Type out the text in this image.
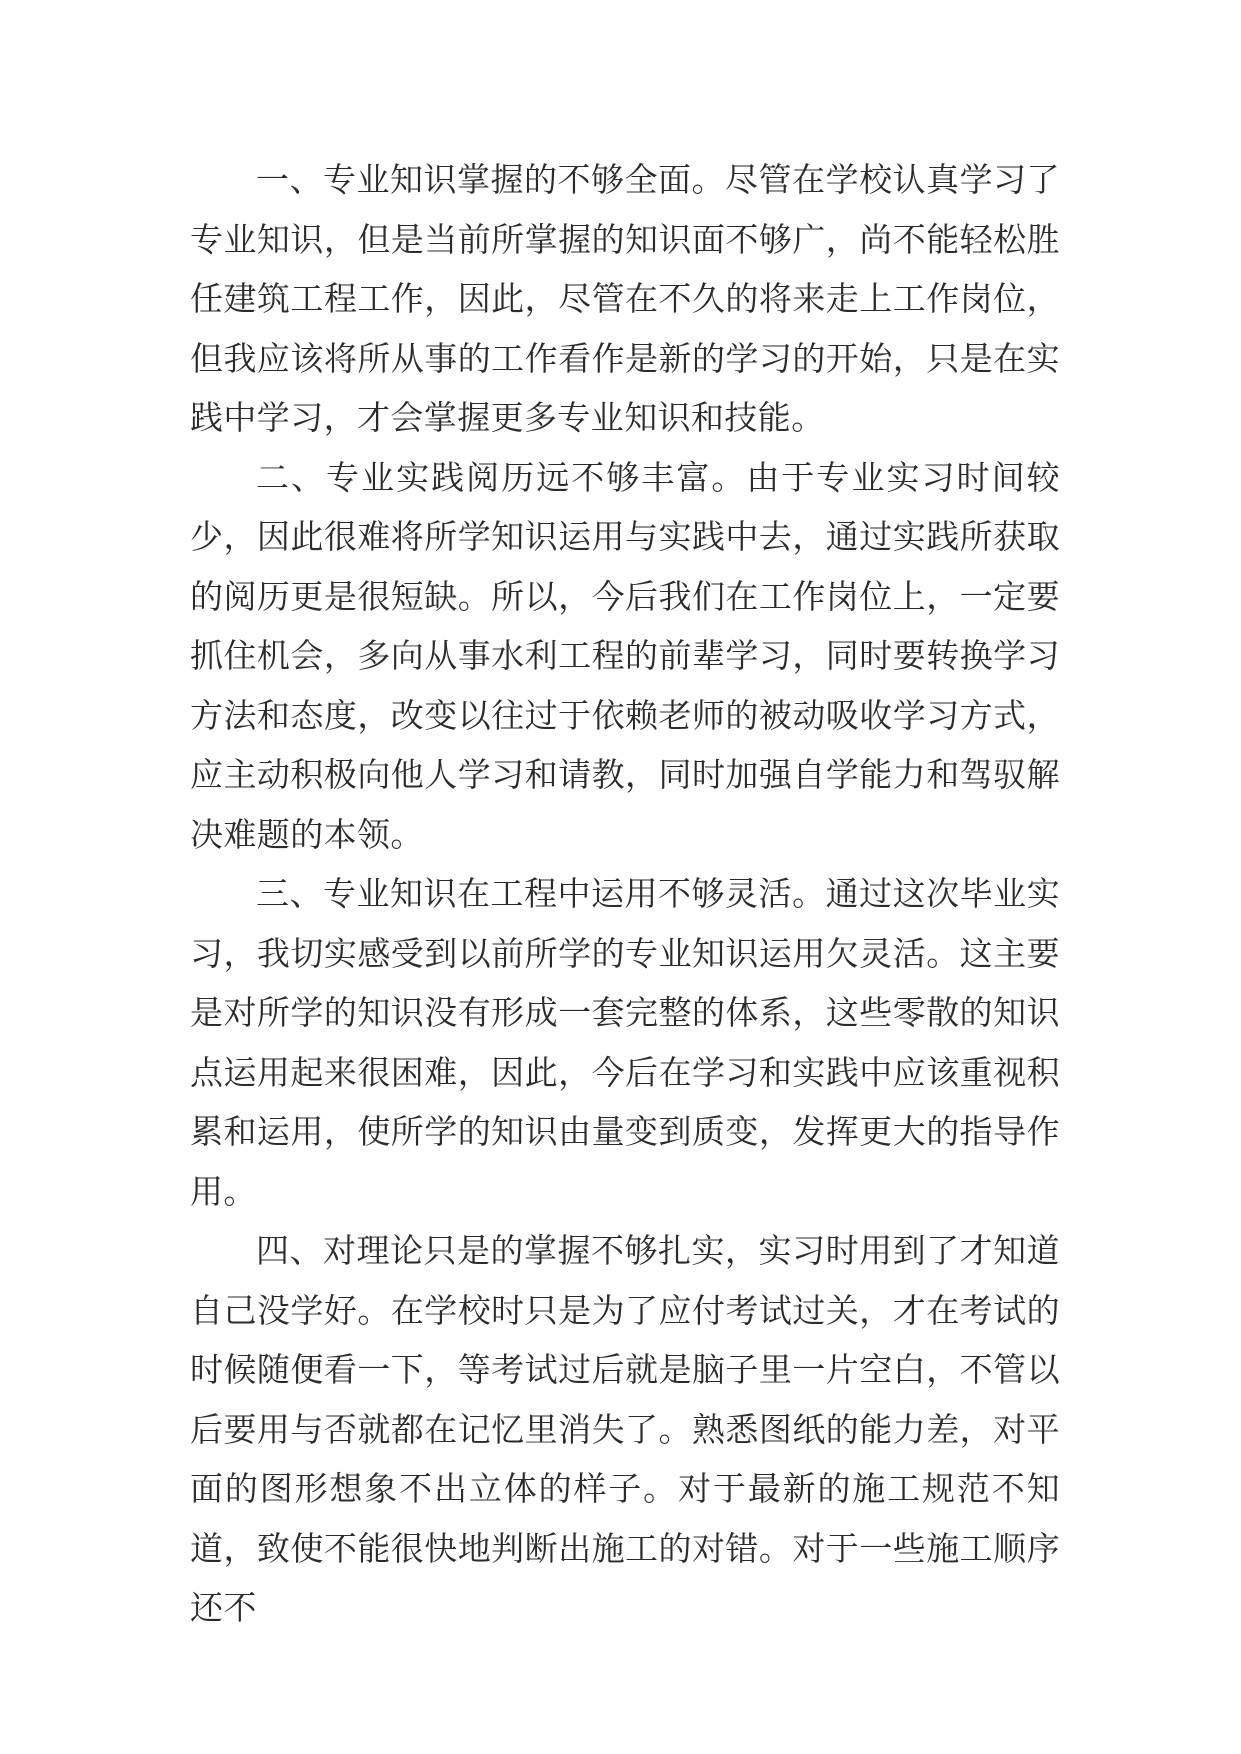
一、专业知识掌握的不够全面。尽管在学校认真学习了专业知识，但是当前所掌握的知识面不够广，尚不能轻松胜任建筑工程工作，因此，尽管在不久的将来走上工作岗位，但我应该将所从事的工作看作是新的学习的开始，只是在实践中学习，才会掌握更多专业知识和技能。

二、专业实践阅历远不够丰富。由于专业实习时间较少，因此很难将所学知识运用与实践中去，通过实践所获取的阅历更是很短缺。所以，今后我们在工作岗位上，一定要抓住机会，多向从事水利工程的前辈学习，同时要转换学习方法和态度，改变以往过于依赖老师的被动吸收学习方式，应主动积极向他人学习和请教，同时加强自学能力和驾驭解决难题的本领。

三、专业知识在工程中运用不够灵活。通过这次毕业实习，我切实感受到以前所学的专业知识运用欠灵活。这主要是对所学的知识没有形成一套完整的体系，这些零散的知识点运用起来很困难，因此，今后在学习和实践中应该重视积累和运用，使所学的知识由量变到质变，发挥更大的指导作用。

四、对理论只是的掌握不够扎实，实习时用到了才知道自己没学好。在学校时只是为了应付考试过关，才在考试的时候随便看一下，等考试过后就是脑子里一片空白，不管以后要用与否就都在记忆里消失了。熟悉图纸的能力差，对平面的图形想象不出立体的样子。对于最新的施工规范不知道，致使不能很快地判断出施工的对错。对于一些施工顺序还不
